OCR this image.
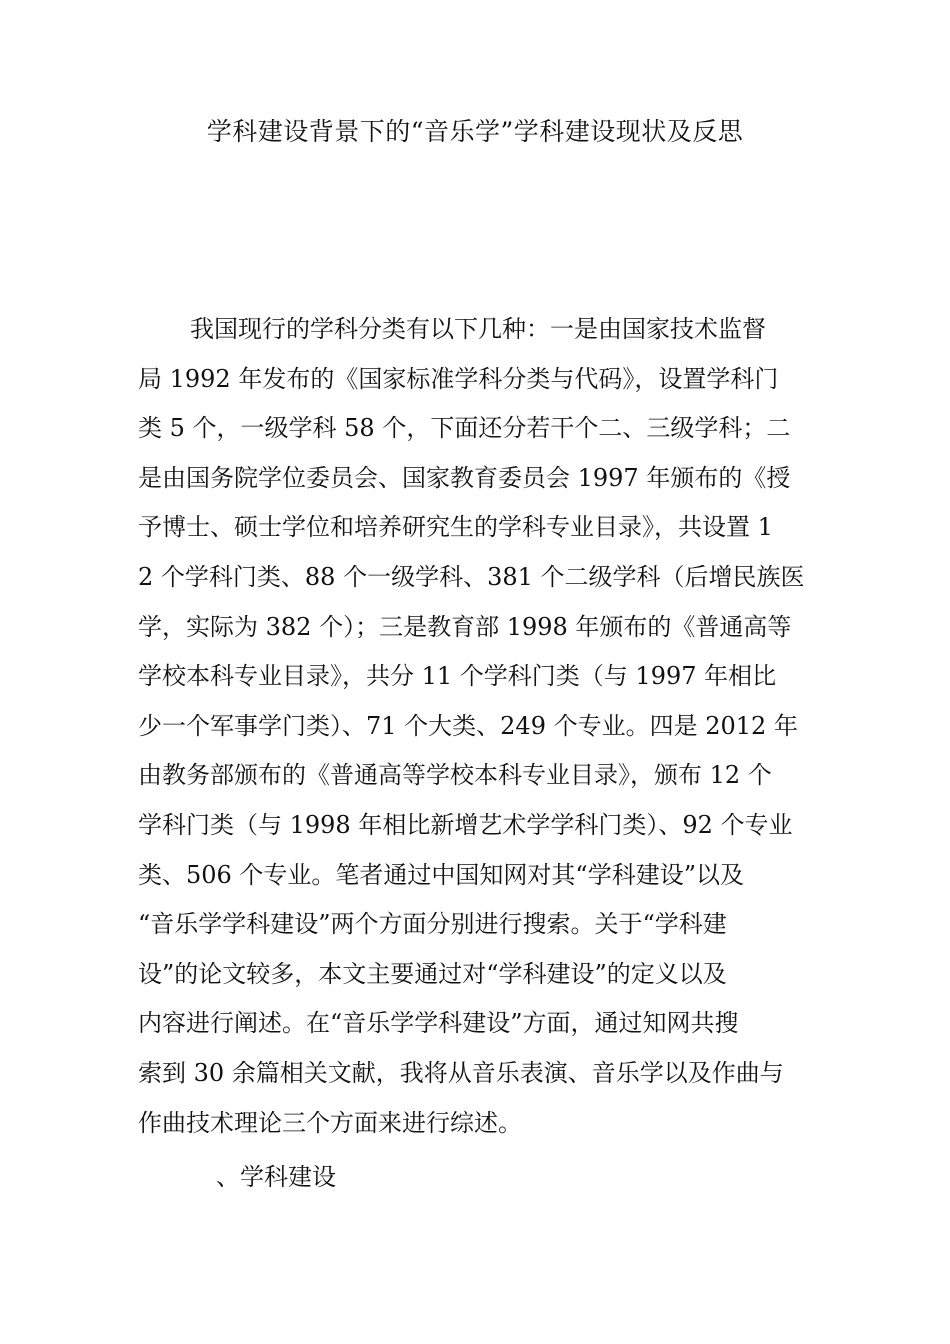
学科建设背景下的“音乐学”学科建设现状及反思
我国现行的学科分类有以下几种：一是由国家技术监督
局 1992 年发布的《国家标准学科分类与代码》，设置学科门
类 5 个，一级学科 58 个，下面还分若干个二、三级学科；二
是由国务院学位委员会、国家教育委员会 1997 年颁布的《授
予博士、硕士学位和培养研究生的学科专业目录》，共设置 1
2 个学科门类、88 个一级学科、381 个二级学科（后增民族医
学，实际为 382 个）；三是教育部 1998 年颁布的《普通高等
学校本科专业目录》，共分 11 个学科门类（与 1997 年相比
少一个军事学门类）、71 个大类、249 个专业。四是 2012 年
由教务部颁布的《普通高等学校本科专业目录》，颁布 12 个
学科门类（与 1998 年相比新增艺术学学科门类）、92 个专业
类、506 个专业。笔者通过中国知网对其“学科建设”以及
“音乐学学科建设”两个方面分别进行搜索。关于“学科建
设”的论文较多，本文主要通过对“学科建设”的定义以及
内容进行阐述。在“音乐学学科建设”方面，通过知网共搜
索到 30 余篇相关文献，我将从音乐表演、音乐学以及作曲与
作曲技术理论三个方面来进行综述。
、学科建设
